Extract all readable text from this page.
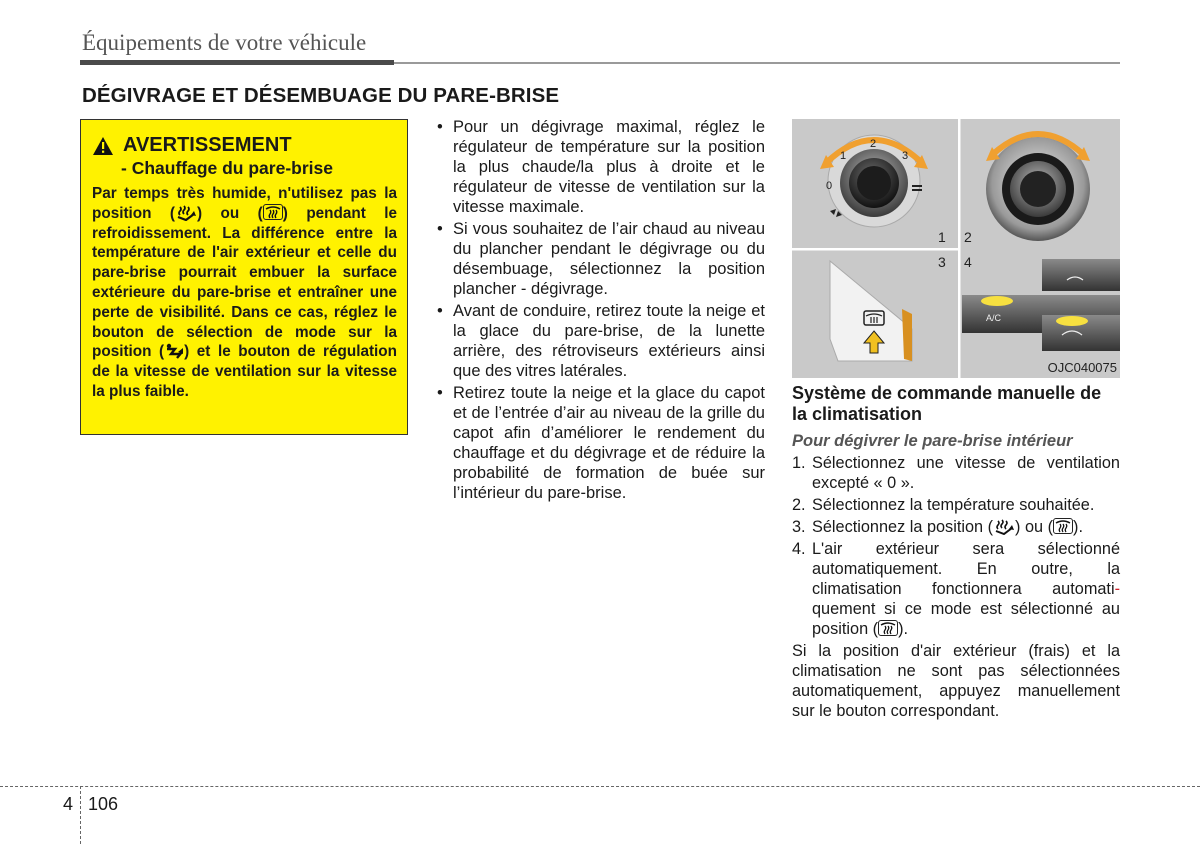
Équipements de votre véhicule
DÉGIVRAGE ET DÉSEMBUAGE DU PARE-BRISE
AVERTISSEMENT
- Chauffage du pare-brise

Par temps très humide, n'utilisez pas la position ( ) ou ( ) pendant le refroidissement. La différence entre la température de l'air extérieur et celle du pare-brise pourrait embuer la surface extérieure du pare-brise et entraîner une perte de visibilité. Dans ce cas, réglez le bouton de sélection de mode sur la position ( ) et le bouton de régulation de la vitesse de ventilation sur la vitesse la plus faible.

• Pour un dégivrage maximal, réglez le régulateur de température sur la position la plus chaude/la plus à droite et le régulateur de vitesse de ventilation sur la vitesse maximale.
• Si vous souhaitez de l’air chaud au niveau du plancher pendant le dégivrage ou du désembuage, sélectionnez la position plancher - dégivrage.
• Avant de conduire, retirez toute la neige et la glace du pare-brise, de la lunette arrière, des rétroviseurs extérieurs ainsi que des vitres latérales.
• Retirez toute la neige et la glace du capot et de l’entrée d’air au niveau de la grille du capot afin d’améliorer le rendement du chauffage et du dégivrage et de réduire la probabilité de formation de buée sur l’intérieur du pare-brise.
0
1
2
3
1 2
3 4
A/C
OJC040075
Système de commande manuelle de la climatisation
Pour dégivrer le pare-brise intérieur
1. Sélectionnez une vitesse de ventilation excepté « 0 ».
2. Sélectionnez la température souhaitée.
3. Sélectionnez la position ( ) ou ( ).
4. L'air extérieur sera sélectionné automatiquement. En outre, la climatisation fonctionnera automati-quement si ce mode est sélectionné au position ( ).
Si la position d'air extérieur (frais) et la climatisation ne sont pas sélectionnées automatiquement, appuyez manuellement sur le bouton correspondant.
4 106
